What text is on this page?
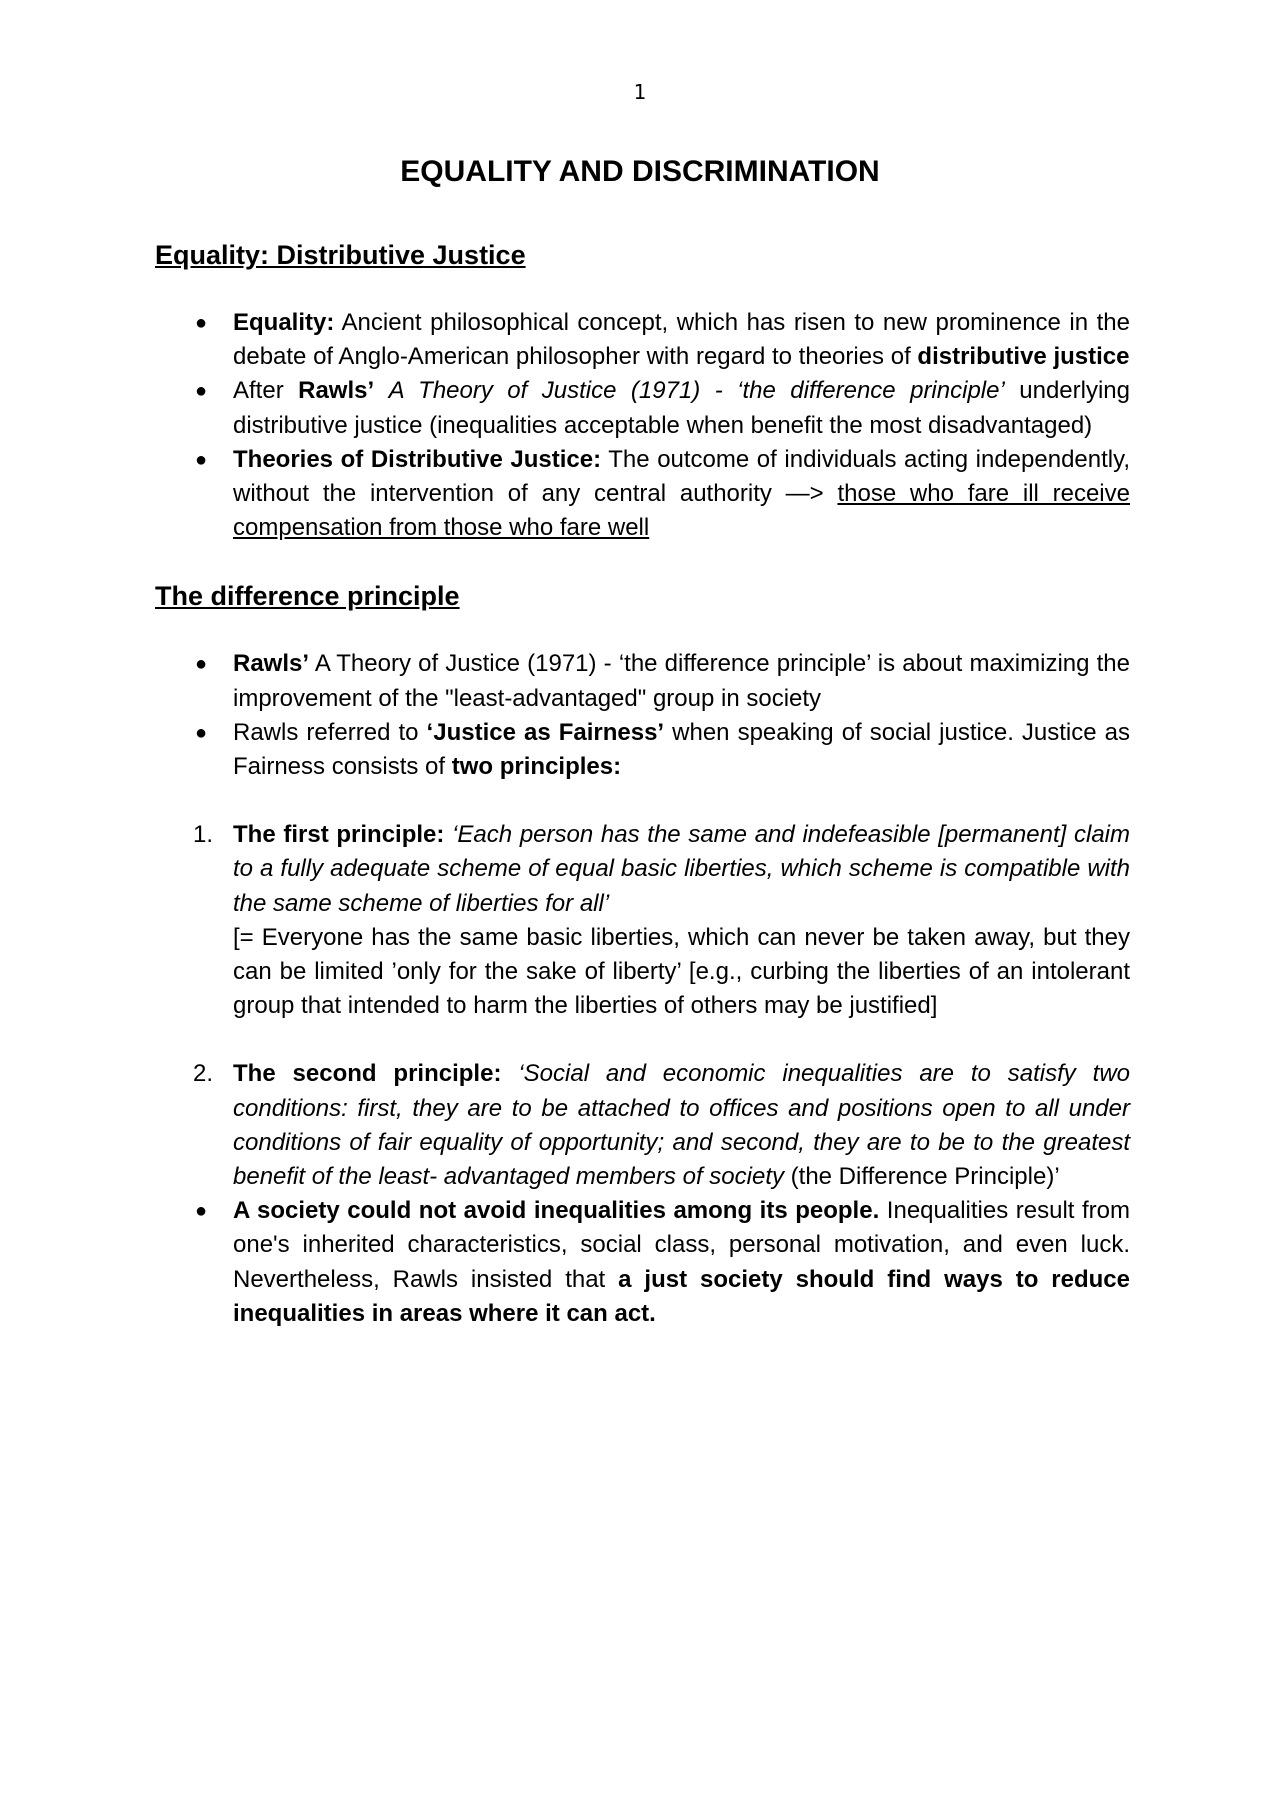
1
EQUALITY AND DISCRIMINATION
Equality: Distributive Justice
● Equality: Ancient philosophical concept, which has risen to new prominence in the debate of Anglo-American philosopher with regard to theories of distributive justice
● After Rawls’ A Theory of Justice (1971) - ‘the difference principle’ underlying distributive justice (inequalities acceptable when benefit the most disadvantaged)
● Theories of Distributive Justice: The outcome of individuals acting independently, without the intervention of any central authority —> those who fare ill receive compensation from those who fare well
The difference principle
● Rawls’ A Theory of Justice (1971) - ‘the difference principle’ is about maximizing the improvement of the "least-advantaged" group in society
● Rawls referred to ‘Justice as Fairness’ when speaking of social justice. Justice as Fairness consists of two principles:
1. The first principle: ‘Each person has the same and indefeasible [permanent] claim to a fully adequate scheme of equal basic liberties, which scheme is compatible with the same scheme of liberties for all’
[= Everyone has the same basic liberties, which can never be taken away, but they can be limited ’only for the sake of liberty’ [e.g., curbing the liberties of an intolerant group that intended to harm the liberties of others may be justified]
2. The second principle: ‘Social and economic inequalities are to satisfy two conditions: first, they are to be attached to offices and positions open to all under conditions of fair equality of opportunity; and second, they are to be to the greatest benefit of the least- advantaged members of society (the Difference Principle)’
● A society could not avoid inequalities among its people. Inequalities result from one's inherited characteristics, social class, personal motivation, and even luck. Nevertheless, Rawls insisted that a just society should find ways to reduce inequalities in areas where it can act.
